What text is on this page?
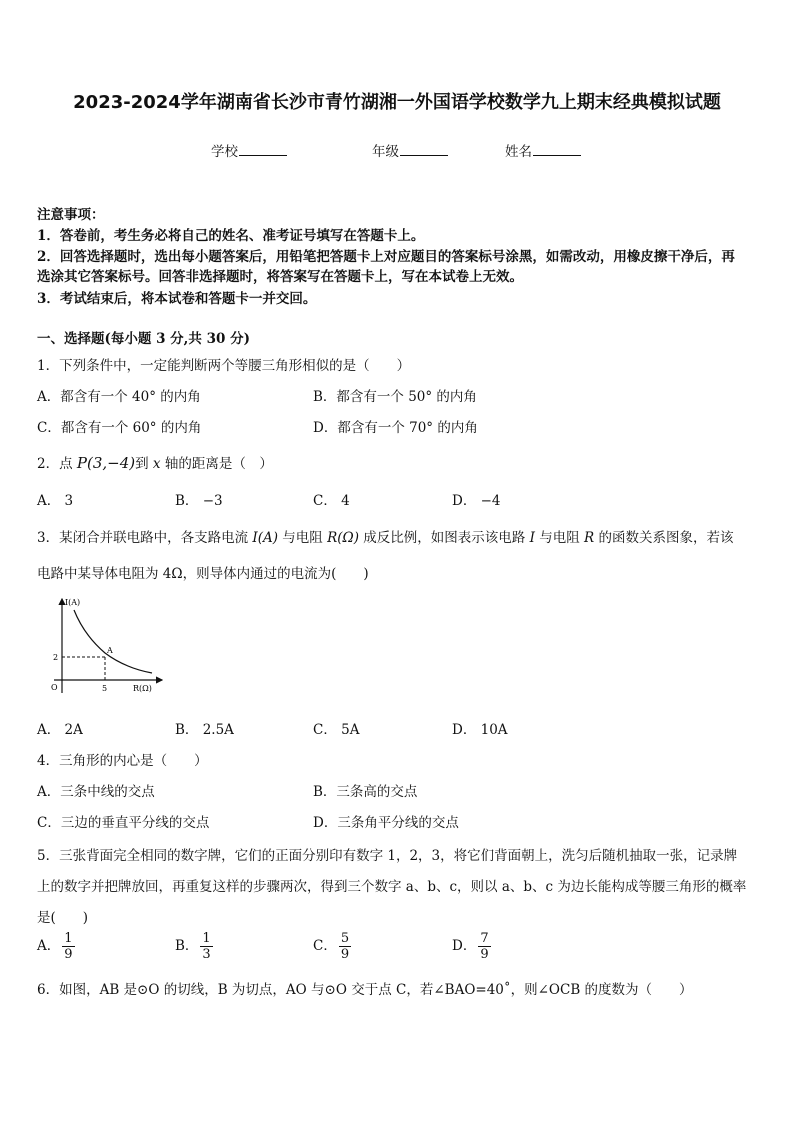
2023-2024学年湖南省长沙市青竹湖湘一外国语学校数学九上期末经典模拟试题
学校	年级	姓名
注意事项：
1．答卷前，考生务必将自己的姓名、准考证号填写在答题卡上。
2．回答选择题时，选出每小题答案后，用铅笔把答题卡上对应题目的答案标号涂黑，如需改动，用橡皮擦干净后，再
选涂其它答案标号。回答非选择题时，将答案写在答题卡上，写在本试卷上无效。
3．考试结束后，将本试卷和答题卡一并交回。
一、选择题(每小题 3 分,共 30 分)
1．下列条件中，一定能判断两个等腰三角形相似的是（　　）
A．都含有一个 40° 的内角	B．都含有一个 50° 的内角
C．都含有一个 60° 的内角	D．都含有一个 70° 的内角
2．点 P(3,−4)到 x 轴的距离是（　）
A． 3	B． −3	C． 4	D． −4
3．某闭合并联电路中，各支路电流 I(A) 与电阻 R(Ω) 成反比例，如图表示该电路 I 与电阻 R 的函数关系图象，若该
电路中某导体电阻为 4Ω，则导体内通过的电流为(　　)
I(A)
R(Ω)
O
2
5
A
A． 2A	B． 2.5A	C． 5A	D． 10A
4．三角形的内心是（　　）
A．三条中线的交点	B．三条高的交点
C．三边的垂直平分线的交点	D．三条角平分线的交点
5．三张背面完全相同的数字牌，它们的正面分别印有数字 1，2，3，将它们背面朝上，洗匀后随机抽取一张，记录牌
上的数字并把牌放回，再重复这样的步骤两次，得到三个数字 a、b、c，则以 a、b、c 为边长能构成等腰三角形的概率
是(　　)
A． $\frac{1}{9}$	B． $\frac{1}{3}$	C． $\frac{5}{9}$	D． $\frac{7}{9}$
6．如图，AB 是⊙O 的切线，B 为切点，AO 与⊙O 交于点 C，若∠BAO=40˚，则∠OCB 的度数为（　　）
